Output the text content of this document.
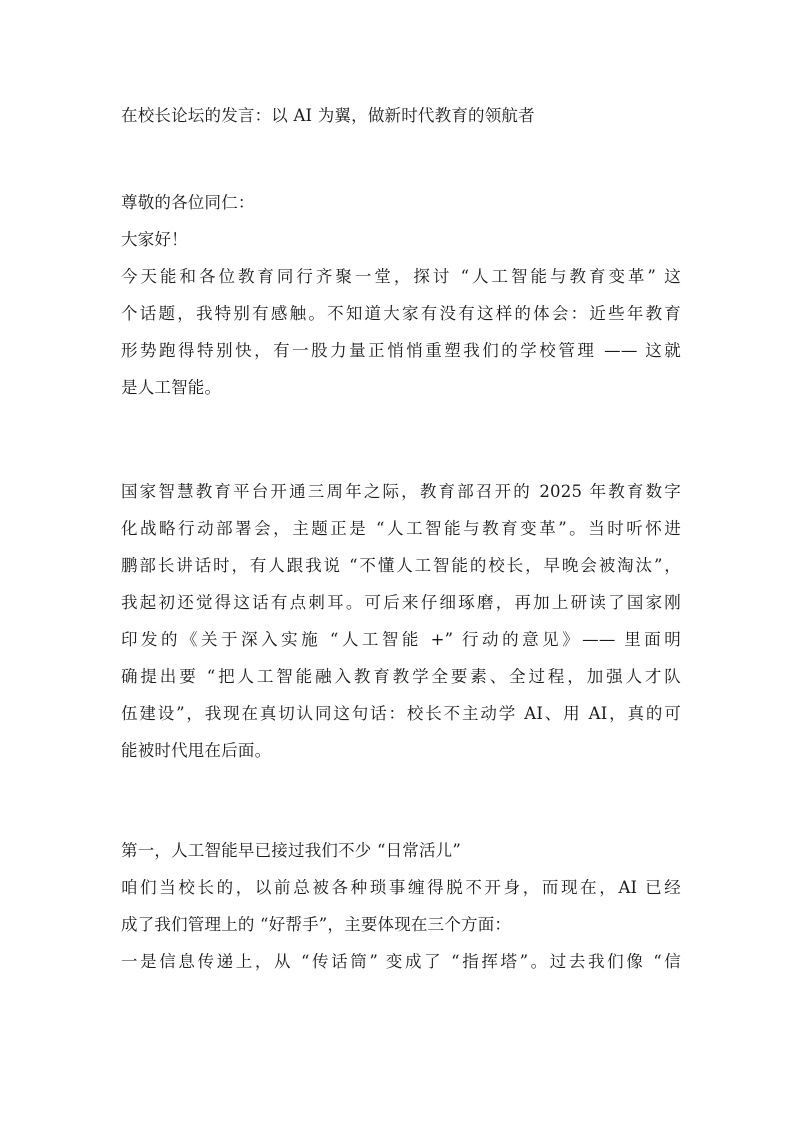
在校长论坛的发言：以 AI 为翼，做新时代教育的领航者
尊敬的各位同仁：
大家好！
今天能和各位教育同行齐聚一堂，探讨 “人工智能与教育变革” 这
个话题，我特别有感触。不知道大家有没有这样的体会：近些年教育
形势跑得特别快，有一股力量正悄悄重塑我们的学校管理 —— 这就
是人工智能。
国家智慧教育平台开通三周年之际，教育部召开的 2025 年教育数字
化战略行动部署会，主题正是 “人工智能与教育变革”。当时听怀进
鹏部长讲话时，有人跟我说 “不懂人工智能的校长，早晚会被淘汰”，
我起初还觉得这话有点刺耳。可后来仔细琢磨，再加上研读了国家刚
印发的《关于深入实施 “人工智能 +” 行动的意见》—— 里面明
确提出要 “把人工智能融入教育教学全要素、全过程，加强人才队
伍建设”，我现在真切认同这句话：校长不主动学 AI、用 AI，真的可
能被时代甩在后面。
第一，人工智能早已接过我们不少 “日常活儿”
咱们当校长的，以前总被各种琐事缠得脱不开身，而现在，AI 已经
成了我们管理上的 “好帮手”，主要体现在三个方面：
一是信息传递上，从 “传话筒” 变成了 “指挥塔”。过去我们像 “信
